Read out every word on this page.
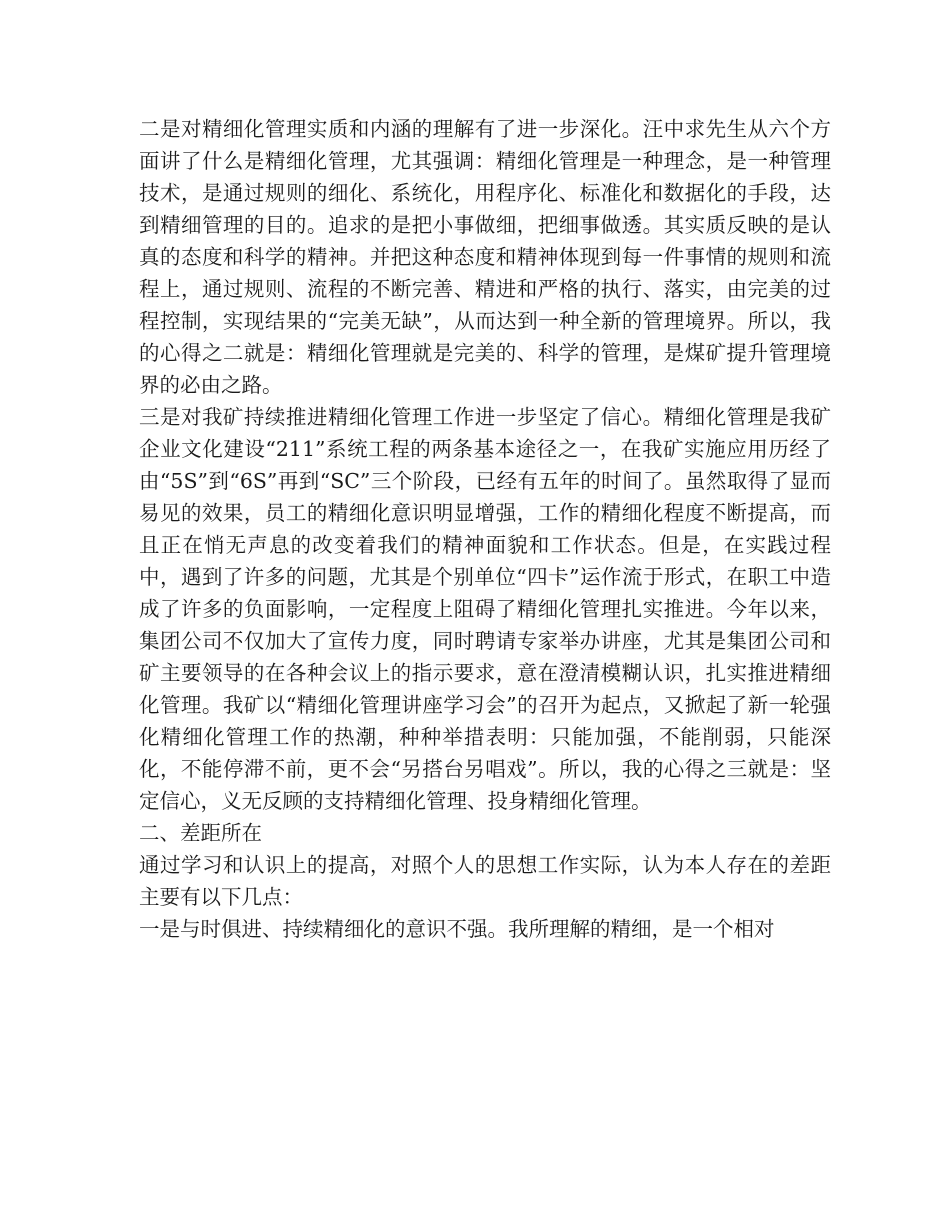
二是对精细化管理实质和内涵的理解有了进一步深化。汪中求先生从六个方面讲了什么是精细化管理，尤其强调：精细化管理是一种理念，是一种管理技术，是通过规则的细化、系统化，用程序化、标准化和数据化的手段，达到精细管理的目的。追求的是把小事做细，把细事做透。其实质反映的是认真的态度和科学的精神。并把这种态度和精神体现到每一件事情的规则和流程上，通过规则、流程的不断完善、精进和严格的执行、落实，由完美的过程控制，实现结果的“完美无缺”，从而达到一种全新的管理境界。所以，我的心得之二就是：精细化管理就是完美的、科学的管理，是煤矿提升管理境界的必由之路。

三是对我矿持续推进精细化管理工作进一步坚定了信心。精细化管理是我矿企业文化建设“211”系统工程的两条基本途径之一，在我矿实施应用历经了由“5S”到“6S”再到“SC”三个阶段，已经有五年的时间了。虽然取得了显而易见的效果，员工的精细化意识明显增强，工作的精细化程度不断提高，而且正在悄无声息的改变着我们的精神面貌和工作状态。但是，在实践过程中，遇到了许多的问题，尤其是个别单位“四卡”运作流于形式，在职工中造成了许多的负面影响，一定程度上阻碍了精细化管理扎实推进。今年以来，集团公司不仅加大了宣传力度，同时聘请专家举办讲座，尤其是集团公司和矿主要领导的在各种会议上的指示要求，意在澄清模糊认识，扎实推进精细化管理。我矿以“精细化管理讲座学习会”的召开为起点，又掀起了新一轮强化精细化管理工作的热潮，种种举措表明：只能加强，不能削弱，只能深化，不能停滞不前，更不会“另搭台另唱戏”。所以，我的心得之三就是：坚定信心，义无反顾的支持精细化管理、投身精细化管理。

二、差距所在

通过学习和认识上的提高，对照个人的思想工作实际，认为本人存在的差距主要有以下几点：

一是与时俱进、持续精细化的意识不强。我所理解的精细，是一个相对
